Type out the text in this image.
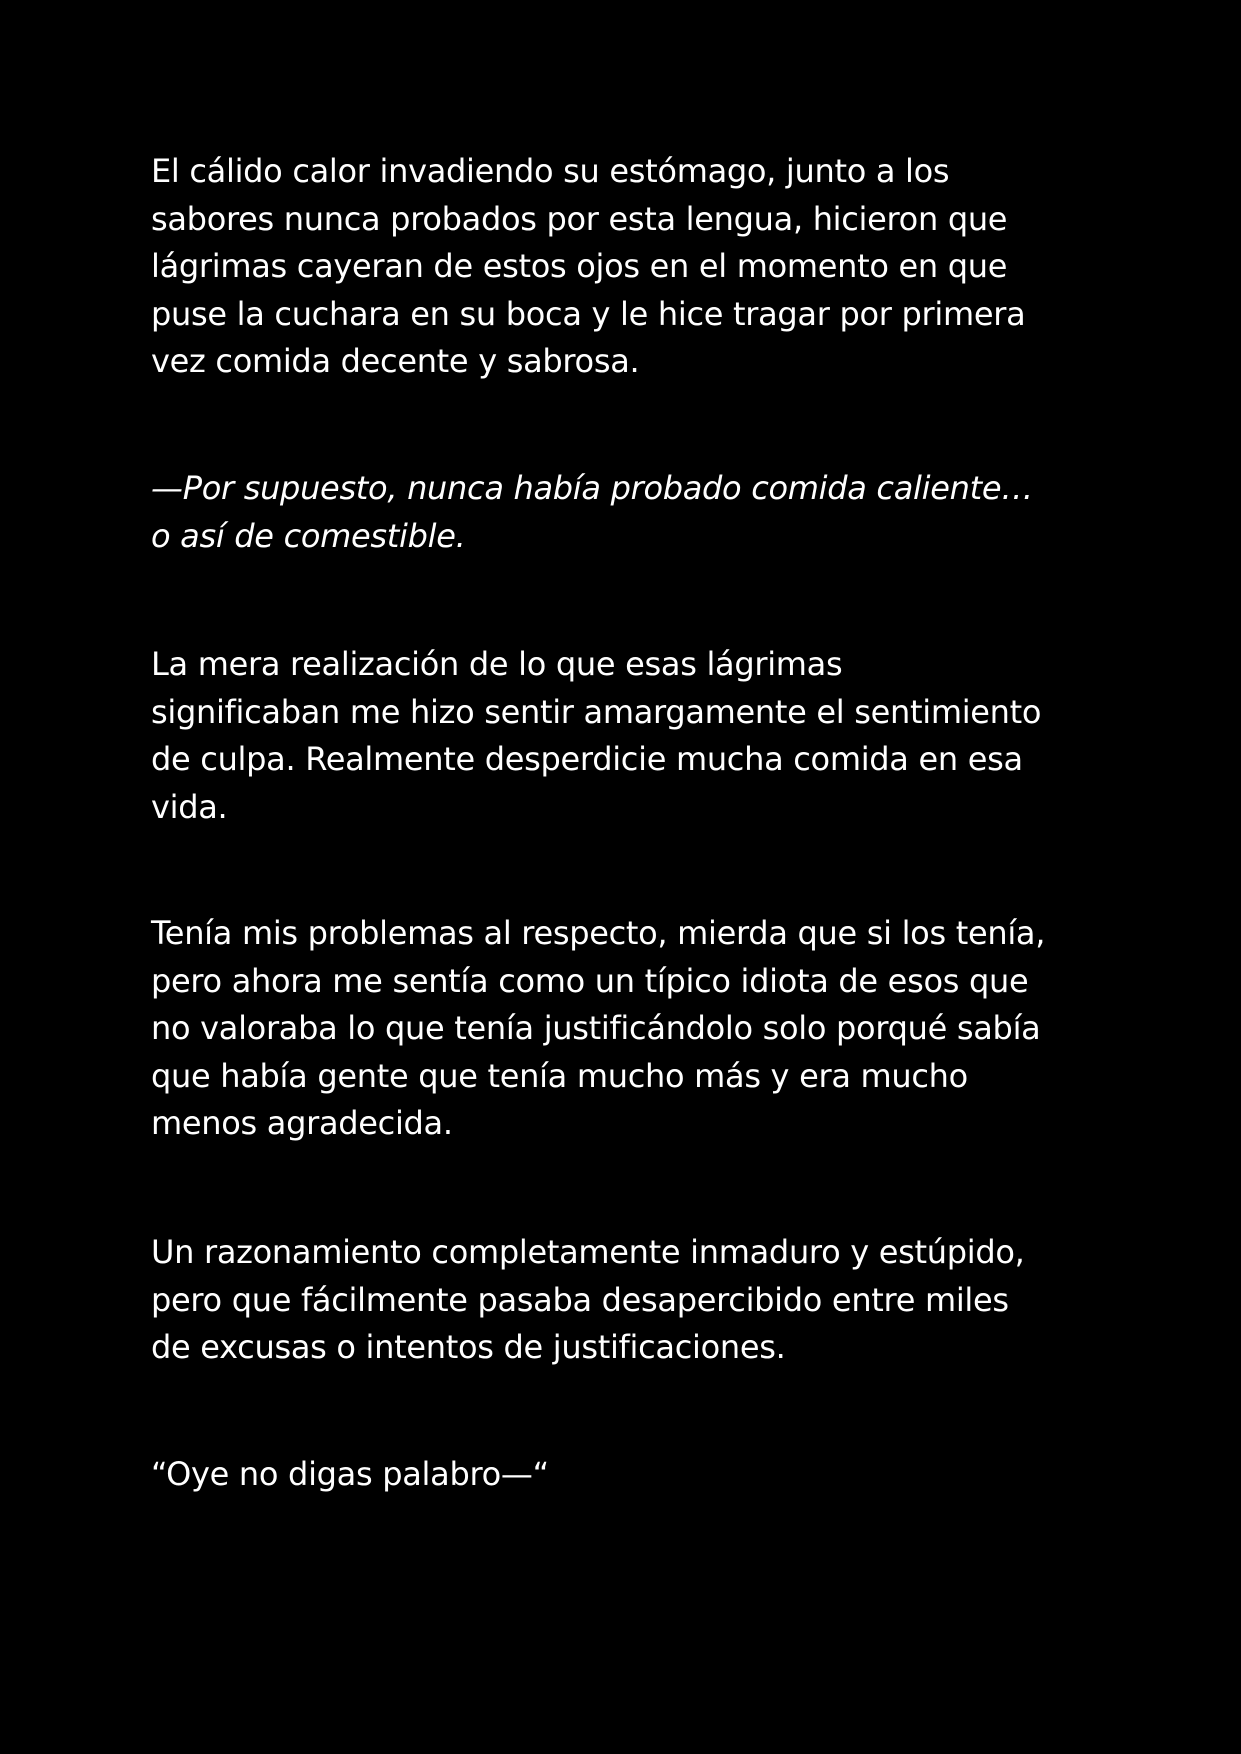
El cálido calor invadiendo su estómago, junto a los
sabores nunca probados por esta lengua, hicieron que
lágrimas cayeran de estos ojos en el momento en que
puse la cuchara en su boca y le hice tragar por primera
vez comida decente y sabrosa.

—Por supuesto, nunca había probado comida caliente…
o así de comestible.

La mera realización de lo que esas lágrimas
significaban me hizo sentir amargamente el sentimiento
de culpa. Realmente desperdicie mucha comida en esa
vida.

Tenía mis problemas al respecto, mierda que si los tenía,
pero ahora me sentía como un típico idiota de esos que
no valoraba lo que tenía justificándolo solo porqué sabía
que había gente que tenía mucho más y era mucho
menos agradecida.

Un razonamiento completamente inmaduro y estúpido,
pero que fácilmente pasaba desapercibido entre miles
de excusas o intentos de justificaciones.

“Oye no digas palabro—“
